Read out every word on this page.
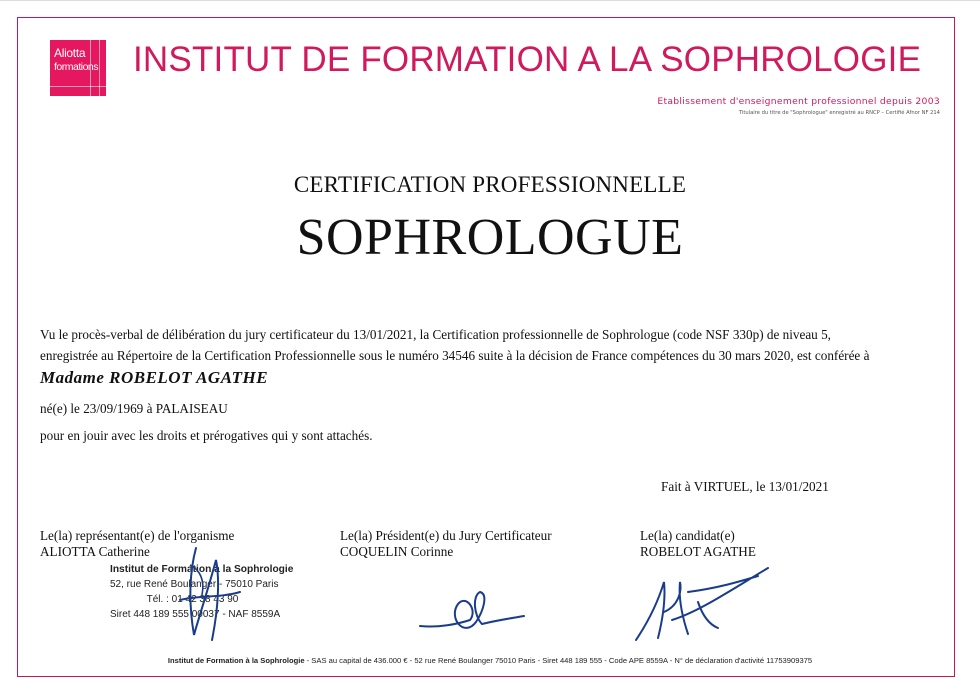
Aliotta
formations INSTITUT DE FORMATION A LA SOPHROLOGIE
Etablissement d'enseignement professionnel depuis 2003
Titulaire du titre de "Sophrologue" enregistré au RNCP – Certifié Afnor NF 214
CERTIFICATION PROFESSIONNELLE
SOPHROLOGUE
Vu le procès-verbal de délibération du jury certificateur du 13/01/2021, la Certification professionnelle de Sophrologue (code NSF 330p) de niveau 5,
enregistrée au Répertoire de la Certification Professionnelle sous le numéro 34546 suite à la décision de France compétences du 30 mars 2020, est conférée à
Madame ROBELOT AGATHE
né(e) le 23/09/1969 à PALAISEAU
pour en jouir avec les droits et prérogatives qui y sont attachés.
Fait à VIRTUEL, le 13/01/2021
Le(la) représentant(e) de l'organisme
ALIOTTA Catherine
Le(la) Président(e) du Jury Certificateur
COQUELIN Corinne
Le(la) candidat(e)
ROBELOT AGATHE
Institut de Formation à la Sophrologie
52, rue René Boulanger - 75010 Paris
Tél. : 01 42 38 43 90
Siret 448 189 555 00037 - NAF 8559A
Institut de Formation à la Sophrologie - SAS au capital de 436.000 € - 52 rue René Boulanger 75010 Paris - Siret 448 189 555 - Code APE 8559A - N° de déclaration d'activité 11753909375
